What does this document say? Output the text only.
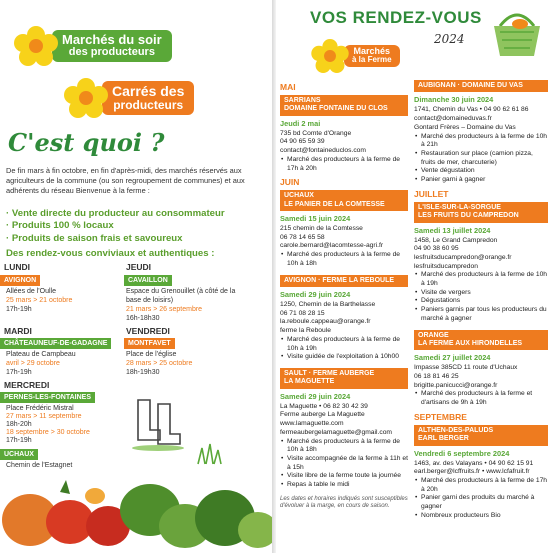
Marchés du soir
des producteurs
Carrés des
producteurs
C'est quoi ?
De fin mars à fin octobre, en fin d'après-midi, des marchés réservés aux agriculteurs de la commune (ou son regroupement de communes) et aux adhérents du réseau Bienvenue à la ferme :
· Vente directe du producteur au consommateur
· Produits 100 % locaux
· Produits de saison frais et savoureux
Des rendez-vous conviviaux et authentiques :
LUNDI	JEUDI
AVIGNON
Allées de l'Oulle
25 mars > 21 octobre
17h-19h
CAVAILLON
Espace du Grenouillet (à côté de la base de loisirs)
21 mars > 26 septembre
16h-18h30
MARDI	VENDREDI
CHÂTEAUNEUF-DE-GADAGNE
Plateau de Campbeau
avril > 29 octobre
17h-19h
MONTFAVET
Place de l'église
28 mars > 25 octobre
18h-19h30
MERCREDI
PERNES-LES-FONTAINES
Place Frédéric Mistral
27 mars > 11 septembre
18h-20h
18 septembre > 30 octobre
17h-19h
UCHAUX
Chemin de l'Estagnet
VOS RENDEZ-VOUS
2024
Marchés
à la Ferme
MAI
SARRIANS
DOMAINE FONTAINE DU CLOS
Jeudi 2 mai
735 bd Comte d'Orange
04 90 65 59 39
contact@fontaineduclos.com
• Marché des producteurs à la ferme de 17h à 20h
JUIN
UCHAUX
LE PANIER DE LA COMTESSE
Samedi 15 juin 2024
215 chemin de la Comtesse
06 78 14 65 58
carole.bernard@lacomtesse-agri.fr
• Marché des producteurs à la ferme de 10h à 18h
AVIGNON · FERME LA REBOULE
Samedi 29 juin 2024
1250, Chemin de la Barthelasse
06 71 08 28 15
la.reboule.cappeau@orange.fr
ferme la Reboule
• Marché des producteurs à la ferme de 10h à 19h
• Visite guidée de l'exploitation à 10h00
SAULT · FERME AUBERGE
LA MAGUETTE
Samedi 29 juin 2024
La Maguette • 06 82 30 42 39
Ferme auberge La Maguette
www.lamaguette.com
fermeaubergelamaguette@gmail.com
• Marché des producteurs à la ferme de 10h à 18h
• Visite accompagnée de la ferme à 11h et à 15h
• Visite libre de la ferme toute la journée
• Repas à table le midi
Les dates et horaires indiqués sont susceptibles d'évoluer à la marge, en cours de saison.
AUBIGNAN · DOMAINE DU VAS
Dimanche 30 juin 2024
1741, Chemin du Vas • 04 90 62 61 86
contact@domaineduvas.fr
Gontard Frères – Domaine du Vas
• Marché des producteurs à la ferme de 10h à 21h
• Restauration sur place (camion pizza, fruits de mer, charcuterie)
• Vente dégustation
• Panier garni à gagner
JUILLET
L'ISLE-SUR-LA-SORGUE
LES FRUITS DU CAMPREDON
Samedi 13 juillet 2024
1458, Le Grand Campredon
04 90 38 60 95
lesfruitsducampredon@orange.fr
lesfruitsducampredon
• Marché des producteurs à la ferme de 10h à 19h
• Visite de vergers
• Dégustations
• Paniers garnis par tous les producteurs du marché à gagner
ORANGE
LA FERME AUX HIRONDELLES
Samedi 27 juillet 2024
Impasse 385CD 11 route d'Uchaux
06 18 81 46 25
brigitte.panicucci@orange.fr
• Marché des producteurs à la ferme et d'artisans de 9h à 19h
SEPTEMBRE
ALTHEN-DES-PALUDS
EARL BERGER
Vendredi 6 septembre 2024
1463, av. des Valayans • 04 90 62 15 91
earl.berger@lcffruits.fr • www.lcfafruit.fr
• Marché des producteurs à la ferme de 17h à 20h
• Panier garni des produits du marché à gagner
• Nombreux producteurs Bio
